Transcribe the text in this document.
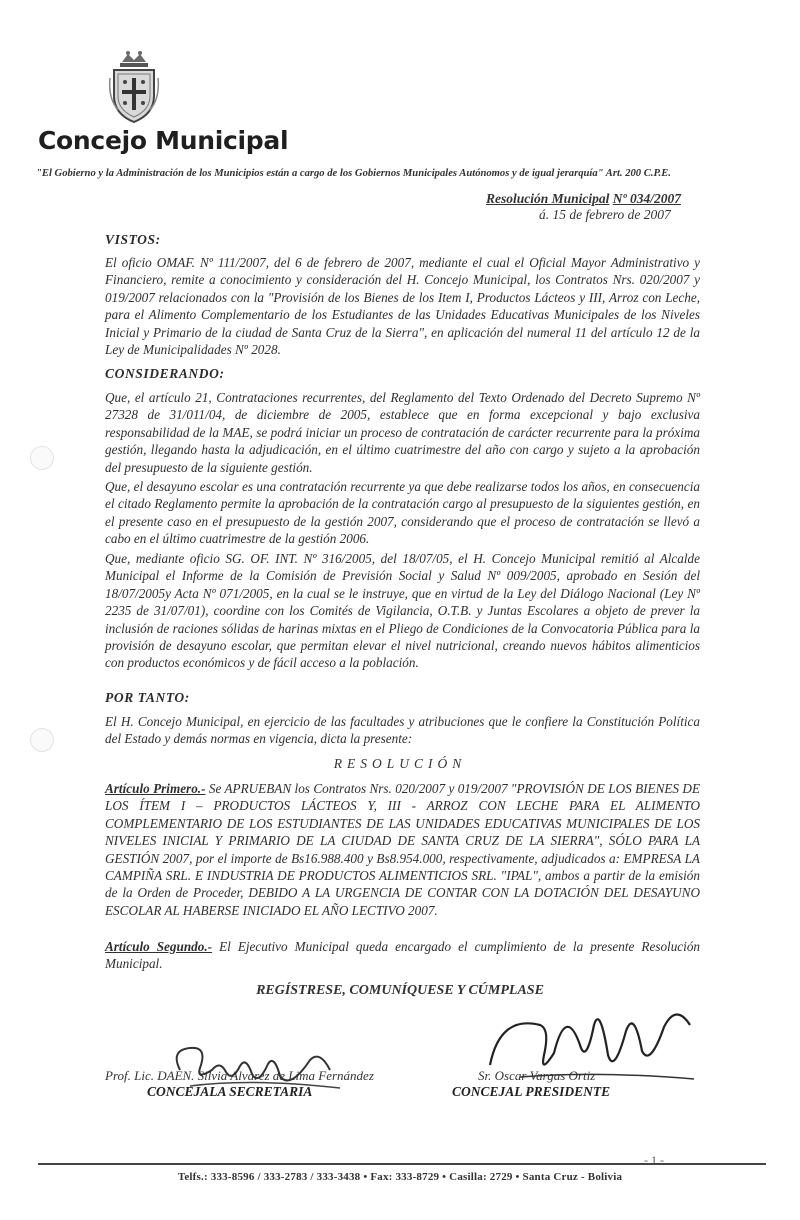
Concejo Municipal
"El Gobierno y la Administración de los Municipios están a cargo de los Gobiernos Municipales Autónomos y de igual jerarquía" Art. 200 C.P.E.
Resolución Municipal Nº 034/2007
á. 15 de febrero de 2007
VISTOS:
El oficio OMAF. Nº 111/2007, del 6 de febrero de 2007, mediante el cual el Oficial Mayor Administrativo y Financiero, remite a conocimiento y consideración del H. Concejo Municipal, los Contratos Nrs. 020/2007 y 019/2007 relacionados con la "Provisión de los Bienes de los Item I, Productos Lácteos y III, Arroz con Leche, para el Alimento Complementario de los Estudiantes de las Unidades Educativas Municipales de los Niveles Inicial y Primario de la ciudad de Santa Cruz de la Sierra", en aplicación del numeral 11 del artículo 12 de la Ley de Municipalidades Nº 2028.
CONSIDERANDO:
Que, el artículo 21, Contrataciones recurrentes, del Reglamento del Texto Ordenado del Decreto Supremo Nº 27328 de 31/011/04, de diciembre de 2005, establece que en forma excepcional y bajo exclusiva responsabilidad de la MAE, se podrá iniciar un proceso de contratación de carácter recurrente para la próxima gestión, llegando hasta la adjudicación, en el último cuatrimestre del año con cargo y sujeto a la aprobación del presupuesto de la siguiente gestión.
Que, el desayuno escolar es una contratación recurrente ya que debe realizarse todos los años, en consecuencia el citado Reglamento permite la aprobación de la contratación cargo al presupuesto de la siguientes gestión, en el presente caso en el presupuesto de la gestión 2007, considerando que el proceso de contratación se llevó a cabo en el último cuatrimestre de la gestión 2006.
Que, mediante oficio SG. OF. INT. Nº 316/2005, del 18/07/05, el H. Concejo Municipal remitió al Alcalde Municipal el Informe de la Comisión de Previsión Social y Salud Nº 009/2005, aprobado en Sesión del 18/07/2005y Acta Nº 071/2005, en la cual se le instruye, que en virtud de la Ley del Diálogo Nacional (Ley Nº 2235 de 31/07/01), coordine con los Comités de Vigilancia, O.T.B. y Juntas Escolares a objeto de prever la inclusión de raciones sólidas de harinas mixtas en el Pliego de Condiciones de la Convocatoria Pública para la provisión de desayuno escolar, que permitan elevar el nivel nutricional, creando nuevos hábitos alimenticios con productos económicos y de fácil acceso a la población.
POR TANTO:
El H. Concejo Municipal, en ejercicio de las facultades y atribuciones que le confiere la Constitución Política del Estado y demás normas en vigencia, dicta la presente:
RESOLUCIÓN
Artículo Primero.- Se APRUEBAN los Contratos Nrs. 020/2007 y 019/2007 "PROVISIÓN DE LOS BIENES DE LOS ÍTEM I – PRODUCTOS LÁCTEOS Y, III - ARROZ CON LECHE PARA EL ALIMENTO COMPLEMENTARIO DE LOS ESTUDIANTES DE LAS UNIDADES EDUCATIVAS MUNICIPALES DE LOS NIVELES INICIAL Y PRIMARIO DE LA CIUDAD DE SANTA CRUZ DE LA SIERRA", SÓLO PARA LA GESTIÓN 2007, por el importe de Bs16.988.400 y Bs8.954.000, respectivamente, adjudicados a: EMPRESA LA CAMPIÑA SRL. E INDUSTRIA DE PRODUCTOS ALIMENTICIOS SRL. "IPAL", ambos a partir de la emisión de la Orden de Proceder, DEBIDO A LA URGENCIA DE CONTAR CON LA DOTACIÓN DEL DESAYUNO ESCOLAR AL HABERSE INICIADO EL AÑO LECTIVO 2007.
Artículo Segundo.- El Ejecutivo Municipal queda encargado el cumplimiento de la presente Resolución Municipal.
REGÍSTRESE, COMUNÍQUESE Y CÚMPLASE
Prof. Lic. DAEN. Silvia Alvarez de Lima Fernández
CONCEJALA SECRETARIA
Sr. Oscar Vargas Ortiz
CONCEJAL PRESIDENTE
- 1 -
Telfs.: 333-8596 / 333-2783 / 333-3438 • Fax: 333-8729 • Casilla: 2729 • Santa Cruz - Bolivia
